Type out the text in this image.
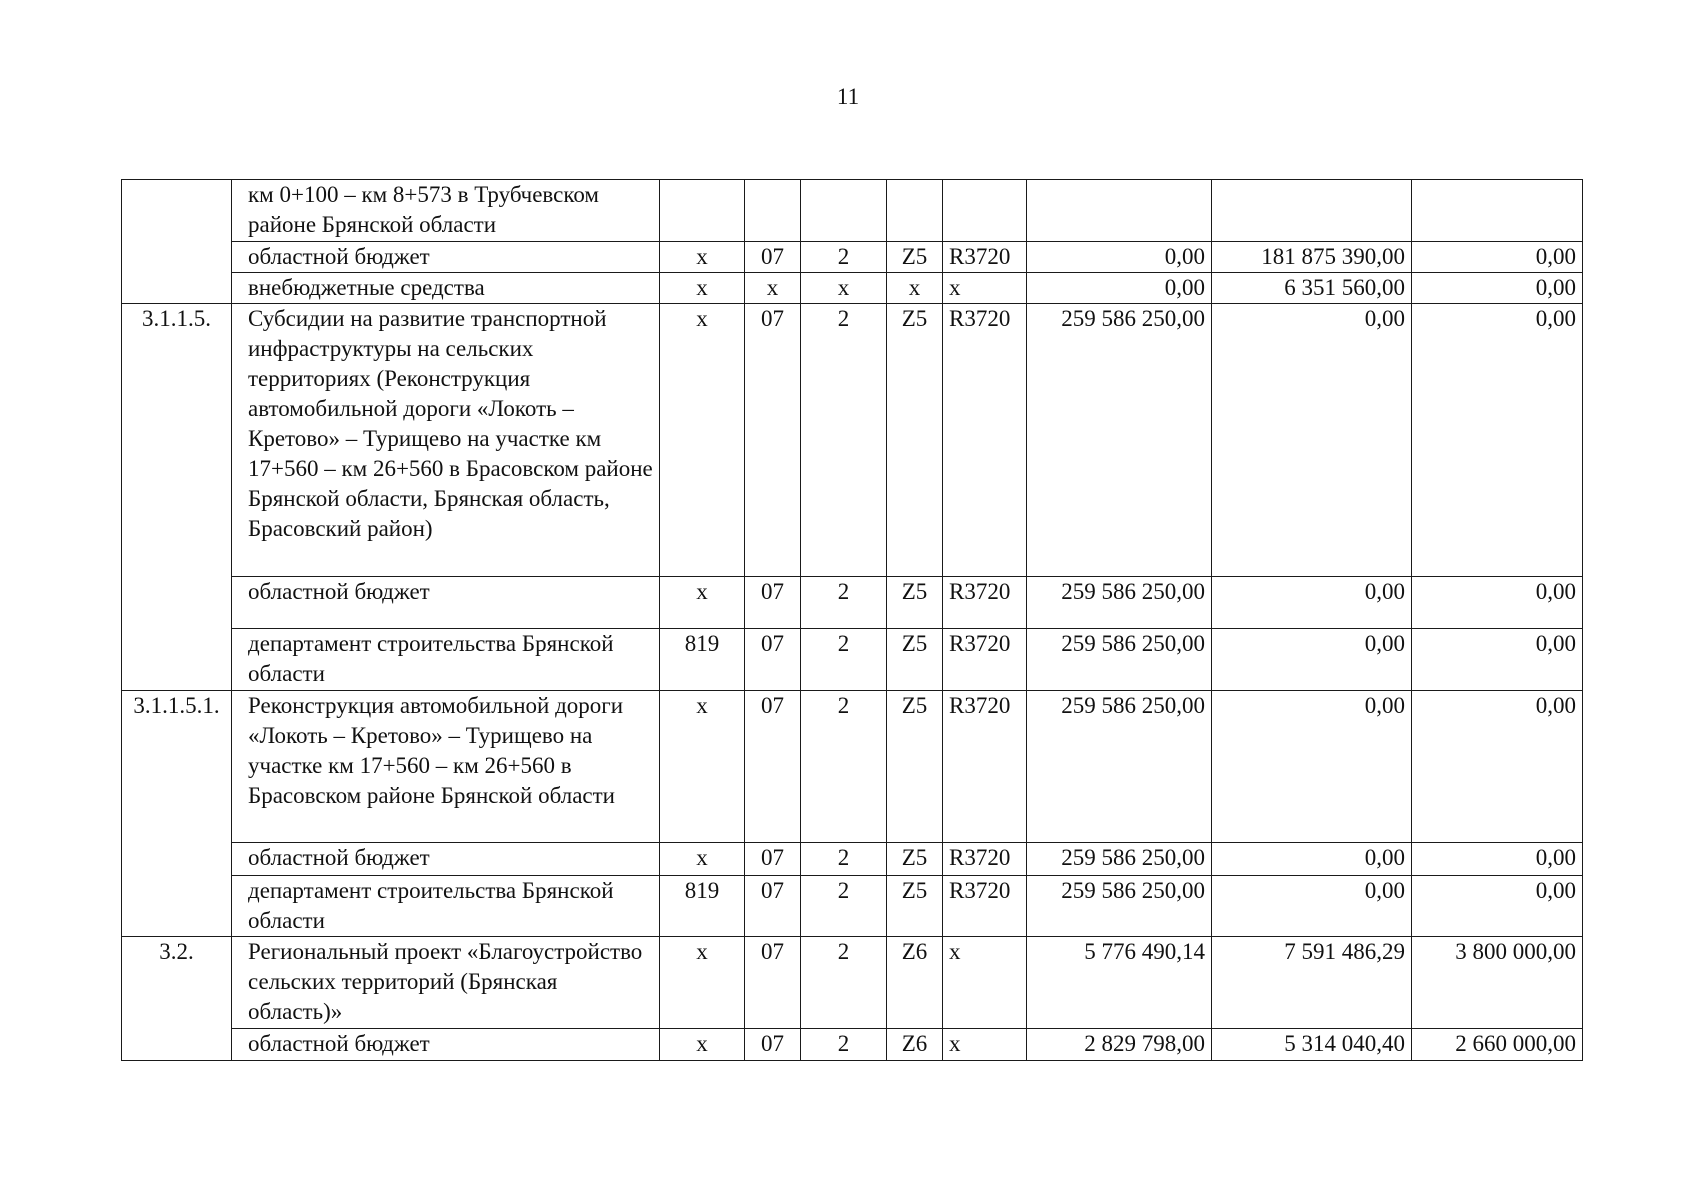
11
	км 0+100 – км 8+573 в Трубчевском районе Брянской области								
	областной бюджет	х	07	2	Z5	R3720	0,00	181 875 390,00	0,00
	внебюджетные средства	х	х	х	х	х	0,00	6 351 560,00	0,00
3.1.1.5.	Субсидии на развитие транспортной инфраструктуры на сельских территориях (Реконструкция автомобильной дороги «Локоть – Кретово» – Турищево на участке км 17+560 – км 26+560 в Брасовском районе Брянской области, Брянская область, Брасовский район)	х	07	2	Z5	R3720	259 586 250,00	0,00	0,00
	областной бюджет	х	07	2	Z5	R3720	259 586 250,00	0,00	0,00
	департамент строительства Брянской области	819	07	2	Z5	R3720	259 586 250,00	0,00	0,00
3.1.1.5.1.	Реконструкция автомобильной дороги «Локоть – Кретово» – Турищево на участке км 17+560 – км 26+560 в Брасовском районе Брянской области	х	07	2	Z5	R3720	259 586 250,00	0,00	0,00
	областной бюджет	х	07	2	Z5	R3720	259 586 250,00	0,00	0,00
	департамент строительства Брянской области	819	07	2	Z5	R3720	259 586 250,00	0,00	0,00
3.2.	Региональный проект «Благоустройство сельских территорий (Брянская область)»	х	07	2	Z6	х	5 776 490,14	7 591 486,29	3 800 000,00
	областной бюджет	х	07	2	Z6	х	2 829 798,00	5 314 040,40	2 660 000,00
